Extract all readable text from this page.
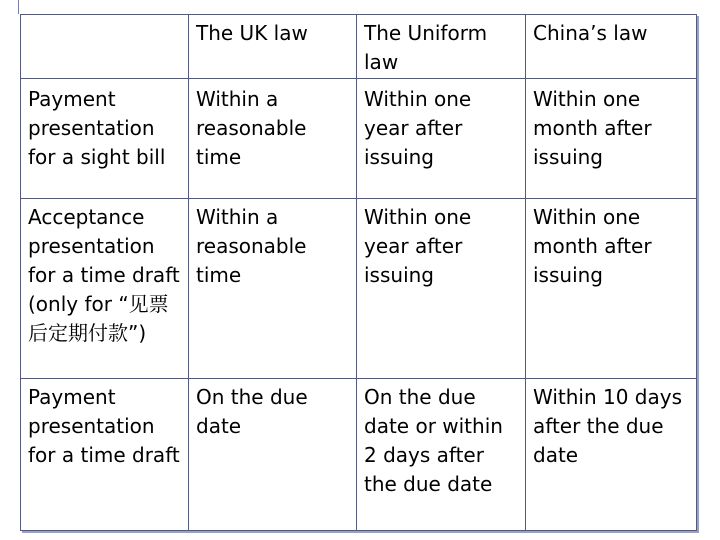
	The UK law	The Uniform law	China’s law

Payment presentation for a sight bill	Within a reasonable time	Within one year after issuing	Within one month after issuing

Acceptance presentation for a time draft (only for “见票后定期付款”)	Within a reasonable time	Within one year after issuing	Within one month after issuing

Payment presentation for a time draft	On the due date	On the due date or within 2 days after the due date	Within 10 days after the due date
